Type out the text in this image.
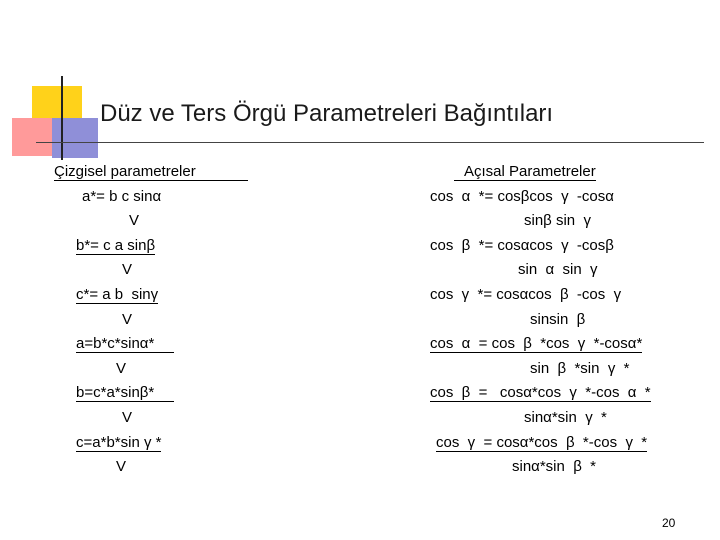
Düz ve Ters Örgü Parametreleri Bağıntıları
Çizgisel parametreler
a*= b c sinα
V
b*= c a sinβ
V
c*= a b  sinγ
V
a=b*c*sinα*
V
b=c*a*sinβ*
V
c=a*b*sin γ *
V
Açısal Parametreler
cos  α  *= cosβcos  γ  -cosα
sinβ sin  γ
cos  β  *= cosαcos  γ  -cosβ
sin  α  sin  γ
cos  γ  *= cosαcos  β  -cos  γ
sinsin  β
cos  α  = cos  β  *cos  γ  *-cosα*
sin  β  *sin  γ  *
cos  β  =   cosα*cos  γ  *-cos  α  *
sinα*sin  γ  *
cos  γ  = cosα*cos  β  *-cos  γ  *
sinα*sin  β  *
20
